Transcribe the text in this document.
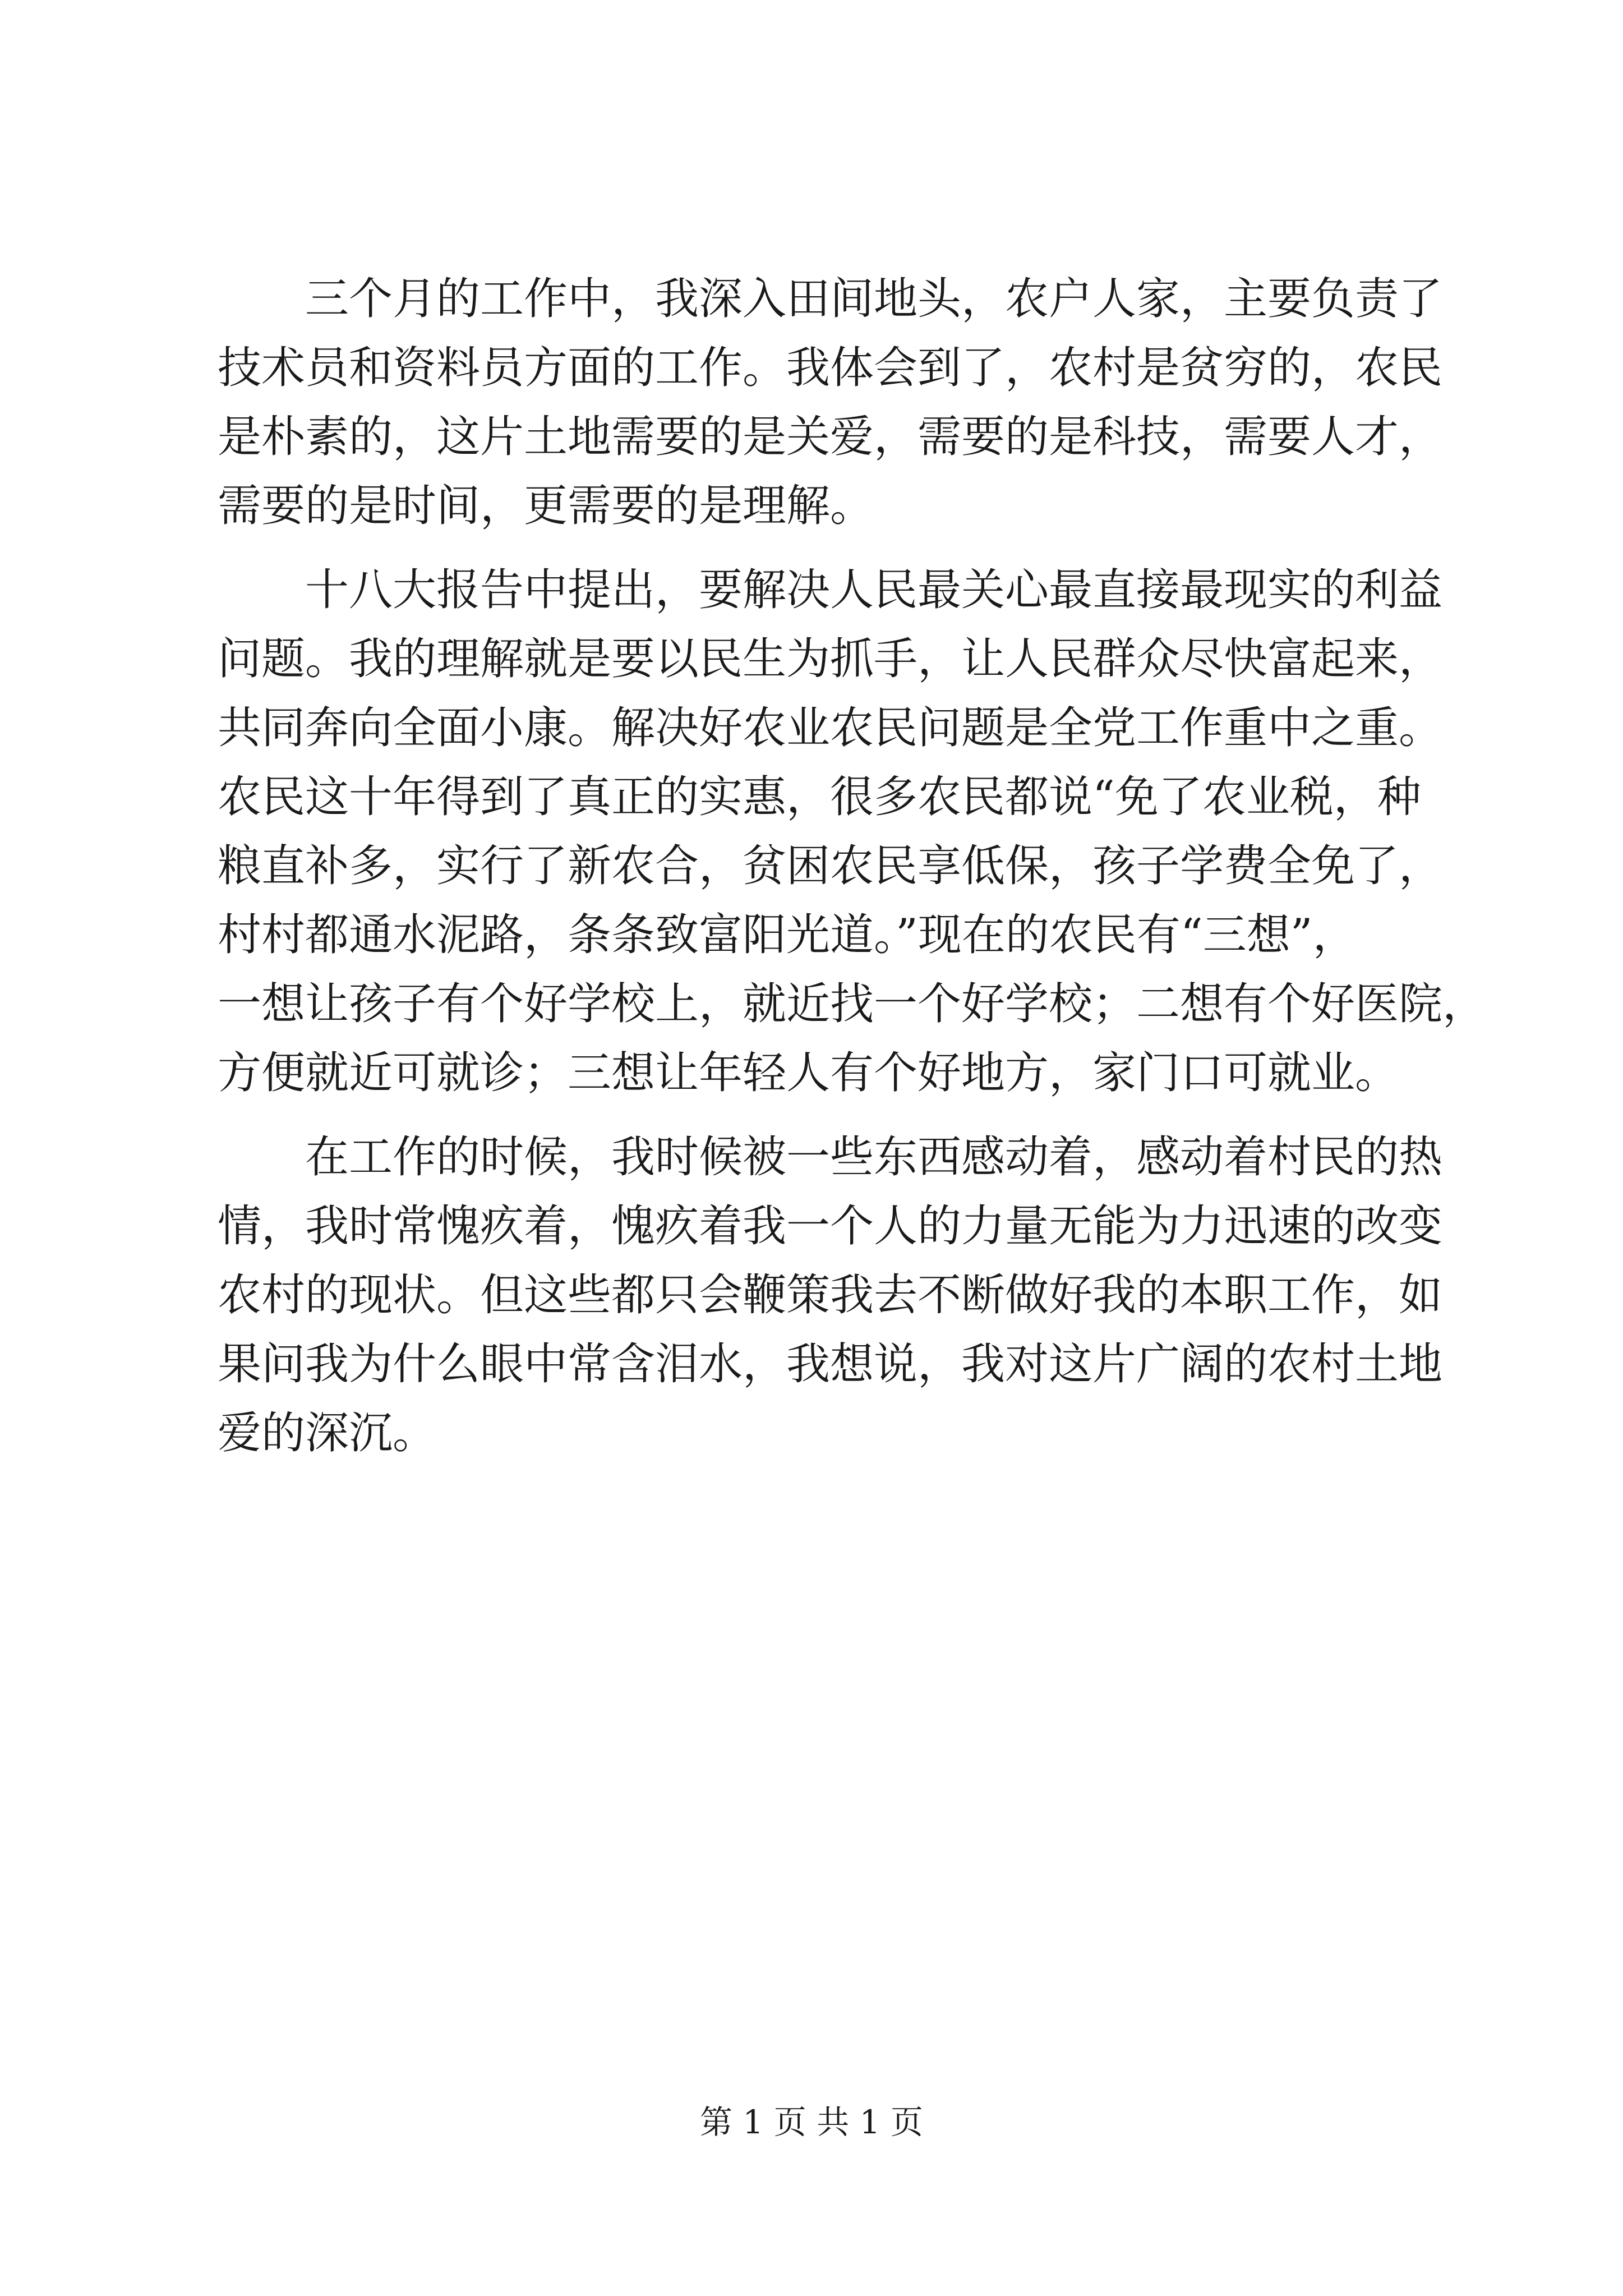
三个月的工作中，我深入田间地头，农户人家，主要负责了
技术员和资料员方面的工作。我体会到了，农村是贫穷的，农民
是朴素的，这片土地需要的是关爱，需要的是科技，需要人才，
需要的是时间，更需要的是理解。
十八大报告中提出，要解决人民最关心最直接最现实的利益
问题。我的理解就是要以民生为抓手，让人民群众尽快富起来，
共同奔向全面小康。解决好农业农民问题是全党工作重中之重。
农民这十年得到了真正的实惠，很多农民都说“免了农业税，种
粮直补多，实行了新农合，贫困农民享低保，孩子学费全免了，
村村都通水泥路，条条致富阳光道。”现在的农民有“三想”，
一想让孩子有个好学校上，就近找一个好学校；二想有个好医院，
方便就近可就诊；三想让年轻人有个好地方，家门口可就业。
在工作的时候，我时候被一些东西感动着，感动着村民的热
情，我时常愧疚着，愧疚着我一个人的力量无能为力迅速的改变
农村的现状。但这些都只会鞭策我去不断做好我的本职工作，如
果问我为什么眼中常含泪水，我想说，我对这片广阔的农村土地
爱的深沉。
第 1 页 共 1 页
